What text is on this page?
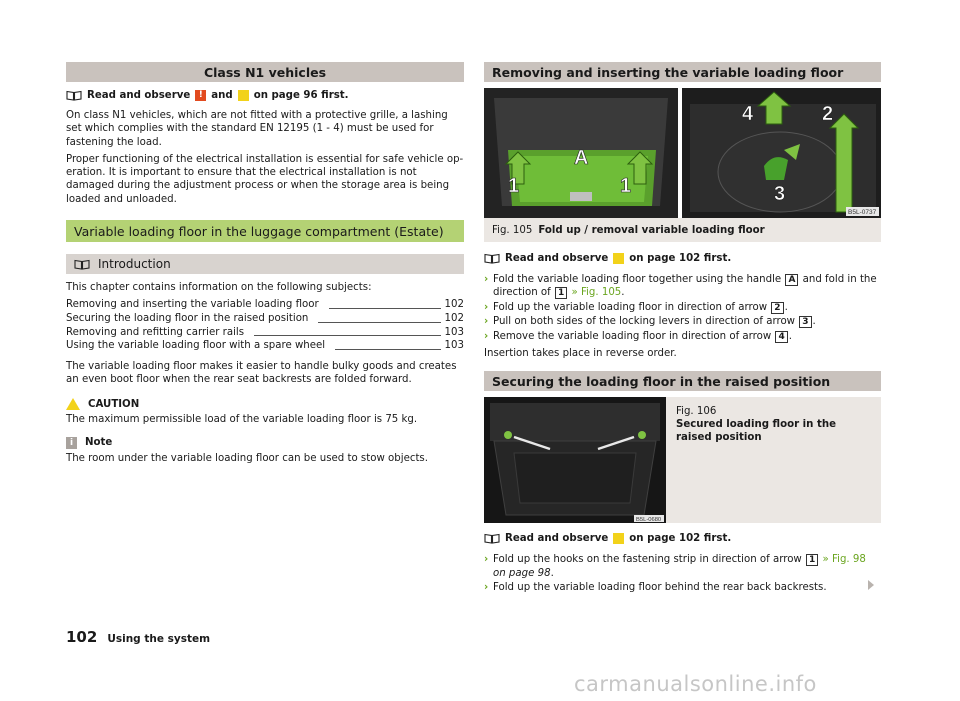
Class N1 vehicles
Read and observe ! and on page 96 first.

On class N1 vehicles, which are not fitted with a protective grille, a lashing set which complies with the standard EN 12195 (1 - 4) must be used for fastening the load.

Proper functioning of the electrical installation is essential for safe vehicle op-eration. It is important to ensure that the electrical installation is not damaged during the adjustment process or when the storage area is being loaded and unloaded.

Variable loading floor in the luggage compartment (Estate)
Introduction

This chapter contains information on the following subjects:

Removing and inserting the variable loading floor	102
Securing the loading floor in the raised position	102
Removing and refitting carrier rails	103
Using the variable loading floor with a spare wheel	103

The variable loading floor makes it easier to handle bulky goods and creates an even boot floor when the rear seat backrests are folded forward.

CAUTION

The maximum permissible load of the variable loading floor is 75 kg.

i	Note

The room under the variable loading floor can be used to stow objects.

Removing and inserting the variable loading floor
A
1	1
4	2
3
B5L-0737
Fig. 105 Fold up / removal variable loading floor
Read and observe on page 102 first.
› Fold the variable loading floor together using the handle A and fold in the direction of 1 » Fig. 105.
› Fold up the variable loading floor in direction of arrow 2 .
› Pull on both sides of the locking levers in direction of arrow 3 .
› Remove the variable loading floor in direction of arrow 4 .

Insertion takes place in reverse order.

Securing the loading floor in the raised position
B5L-0680
Fig. 106
Secured loading floor in the raised position
Read and observe on page 102 first.
› Fold up the hooks on the fastening strip in direction of arrow 1 » Fig. 98 on page 98.
› Fold up the variable loading floor behind the rear back backrests.
102 Using the system
carmanualsonline.info
